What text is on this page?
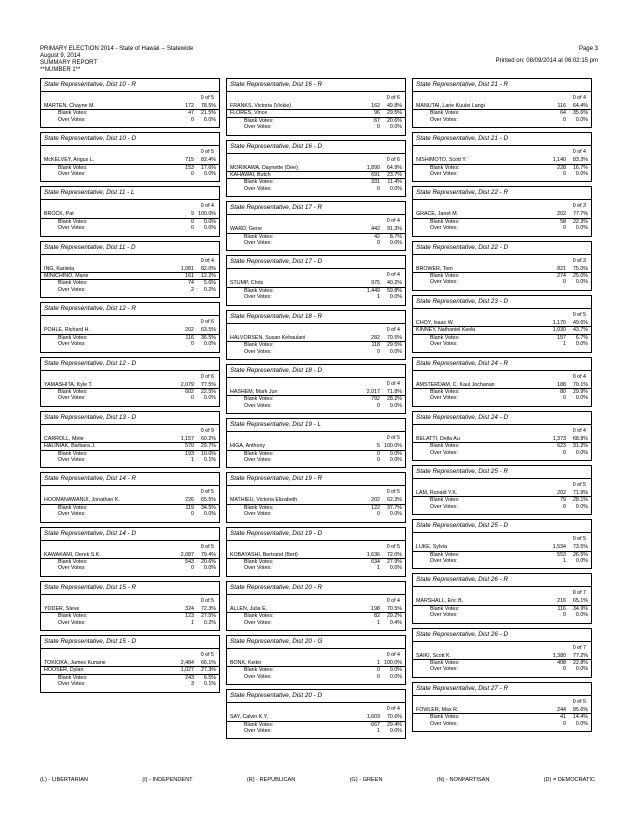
PRIMARY ELECTION 2014 - State of Hawaii -- Statewide
August 9, 2014
SUMMARY REPORT
**NUMBER 1**
Page 3
Printed on: 08/09/2014 at 06:02:15 pm
State Representative, Dist 10 - R
0 of 5
MARTEN, Chayne M.	172	78.5%
Blank Votes:	47	21.5%
Over Votes:	0	0.0%
State Representative, Dist 10 - D
0 of 5
McKELVEY, Angus L.	715	82.4%
Blank Votes:	153	17.6%
Over Votes:	0	0.0%
State Representative, Dist 11 - L
0 of 4
BROCK, Pat	9 100.0%
Blank Votes:	0	0.0%
Over Votes:	0	0.0%
State Representative, Dist 11 - D
0 of 4
ING, Kaniela	1,081	82.0%
MINICHINO, Marie	161	12.2%
Blank Votes:	74	5.6%
Over Votes:	2	0.2%
State Representative, Dist 12 - R
0 of 6
POHLE, Richard H.	202	63.5%
Blank Votes:	116	36.5%
Over Votes:	0	0.0%
State Representative, Dist 12 - D
0 of 6
YAMASHITA, Kyle T.	2,079	77.5%
Blank Votes:	602	22.5%
Over Votes:	0	0.0%
State Representative, Dist 13 - D
0 of 9
CARROLL, Mele	1,157	60.2%
HALINIAK, Barbara J.	570	29.7%
Blank Votes:	193	10.0%
Over Votes:	1	0.1%
State Representative, Dist 14 - R
0 of 5
HOOMANAWANUI, Jonathan K.	226	65.5%
Blank Votes:	119	34.5%
Over Votes:	0	0.0%
State Representative, Dist 14 - D
0 of 5
KAWAKAMI, Derek S.K.	2,087	79.4%
Blank Votes:	543	20.6%
Over Votes:	0	0.0%
State Representative, Dist 15 - R
0 of 5
YODER, Steve	324	72.3%
Blank Votes:	123	27.5%
Over Votes:	1	0.2%
State Representative, Dist 15 - D
0 of 5
TOKIOKA, James Kunane	2,484	66.1%
HOOSER, Dylan	1,027	27.3%
Blank Votes:	243	6.5%
Over Votes:	3	0.1%
State Representative, Dist 16 - R
0 of 6
FRANKS, Victoria (Vickie)	162	49.8%
FLORES, Vince	96	29.5%
Blank Votes:	67	20.6%
Over Votes:	0	0.0%
State Representative, Dist 16 - D
0 of 6
MORIKAWA, Daynette (Dee)	1,890	64.9%
KAHAWAI, Butch	691	23.7%
Blank Votes:	331	11.4%
Over Votes:	0	0.0%
State Representative, Dist 17 - R
0 of 4
WARD, Gene	442	91.3%
Blank Votes:	42	8.7%
Over Votes:	0	0.0%
State Representative, Dist 17 - D
0 of 4
STUMP, Chris	975	40.2%
Blank Votes:	1,449	59.8%
Over Votes:	1	0.0%
State Representative, Dist 18 - R
0 of 4
HALVORSEN, Susan Kehaulani	282	70.5%
Blank Votes:	118	29.5%
Over Votes:	0	0.0%
State Representative, Dist 18 - D
0 of 4
HASHEM, Mark Jun	2,017	71.8%
Blank Votes:	792	28.2%
Over Votes:	0	0.0%
State Representative, Dist 19 - L
0 of 5
HIGA, Anthony	5 100.0%
Blank Votes:	0	0.0%
Over Votes:	0	0.0%
State Representative, Dist 19 - R
0 of 5
MATHIEU, Victoria Elizabeth	202	62.3%
Blank Votes:	122	37.7%
Over Votes:	0	0.0%
State Representative, Dist 19 - D
0 of 5
KOBAYASHI, Bertrand (Bert)	1,636	72.0%
Blank Votes:	634	27.9%
Over Votes:	1	0.0%
State Representative, Dist 20 - R
0 of 4
ALLEN, Julia E.	198	70.5%
Blank Votes:	82	29.2%
Over Votes:	1	0.4%
State Representative, Dist 20 - G
0 of 4
BONK, Keiko	1 100.0%
Blank Votes:	0	0.0%
Over Votes:	0	0.0%
State Representative, Dist 20 - D
0 of 4
SAY, Calvin K.Y.	1,603	70.6%
Blank Votes:	667	29.4%
Over Votes:	1	0.0%
State Representative, Dist 21 - R
0 of 4
MANUTAI, Larie Kuulei Langi	116	64.4%
Blank Votes:	64	35.6%
Over Votes:	0	0.0%
State Representative, Dist 21 - D
0 of 4
NISHIMOTO, Scott Y.	1,140	83.3%
Blank Votes:	228	16.7%
Over Votes:	0	0.0%
State Representative, Dist 22 - R
0 of 3
GRACE, Janet M.	202	77.7%
Blank Votes:	58	22.3%
Over Votes:	0	0.0%
State Representative, Dist 22 - D
0 of 3
BROWER, Tom	821	75.0%
Blank Votes:	274	25.0%
Over Votes:	0	0.0%
State Representative, Dist 23 - D
0 of 5
CHOY, Isaac W.	1,170	49.6%
KINNEY, Nathaniel Keoki	1,030	43.7%
Blank Votes:	157	6.7%
Over Votes:	1	0.0%
State Representative, Dist 24 - R
0 of 4
AMSTERDAM, C. Kaui Jochanan	188	70.1%
Blank Votes:	80	29.9%
Over Votes:	0	0.0%
State Representative, Dist 24 - D
0 of 4
BELATTI, Della Au	1,373	68.8%
Blank Votes:	623	31.2%
Over Votes:	0	0.0%
State Representative, Dist 25 - R
0 of 5
LAM, Ronald Y.K.	202	71.9%
Blank Votes:	79	28.1%
Over Votes:	0	0.0%
State Representative, Dist 25 - D
0 of 5
LUKE, Sylvia	1,534	73.5%
Blank Votes:	553	26.5%
Over Votes:	1	0.0%
State Representative, Dist 26 - R
0 of 7
MARSHALL, Eric B.	216	65.1%
Blank Votes:	116	34.9%
Over Votes:	0	0.0%
State Representative, Dist 26 - D
0 of 7
SAIKI, Scott K.	1,380	77.2%
Blank Votes:	408	22.8%
Over Votes:	0	0.0%
State Representative, Dist 27 - R
0 of 5
FOWLER, Max R.	244	85.6%
Blank Votes:	41	14.4%
Over Votes:	0	0.0%
(L) - LIBERTARIAN	(I) - INDEPENDENT	(R) - REPUBLICAN	(G) - GREEN	(N) - NONPARTISAN	(D) = DEMOCRATIC
